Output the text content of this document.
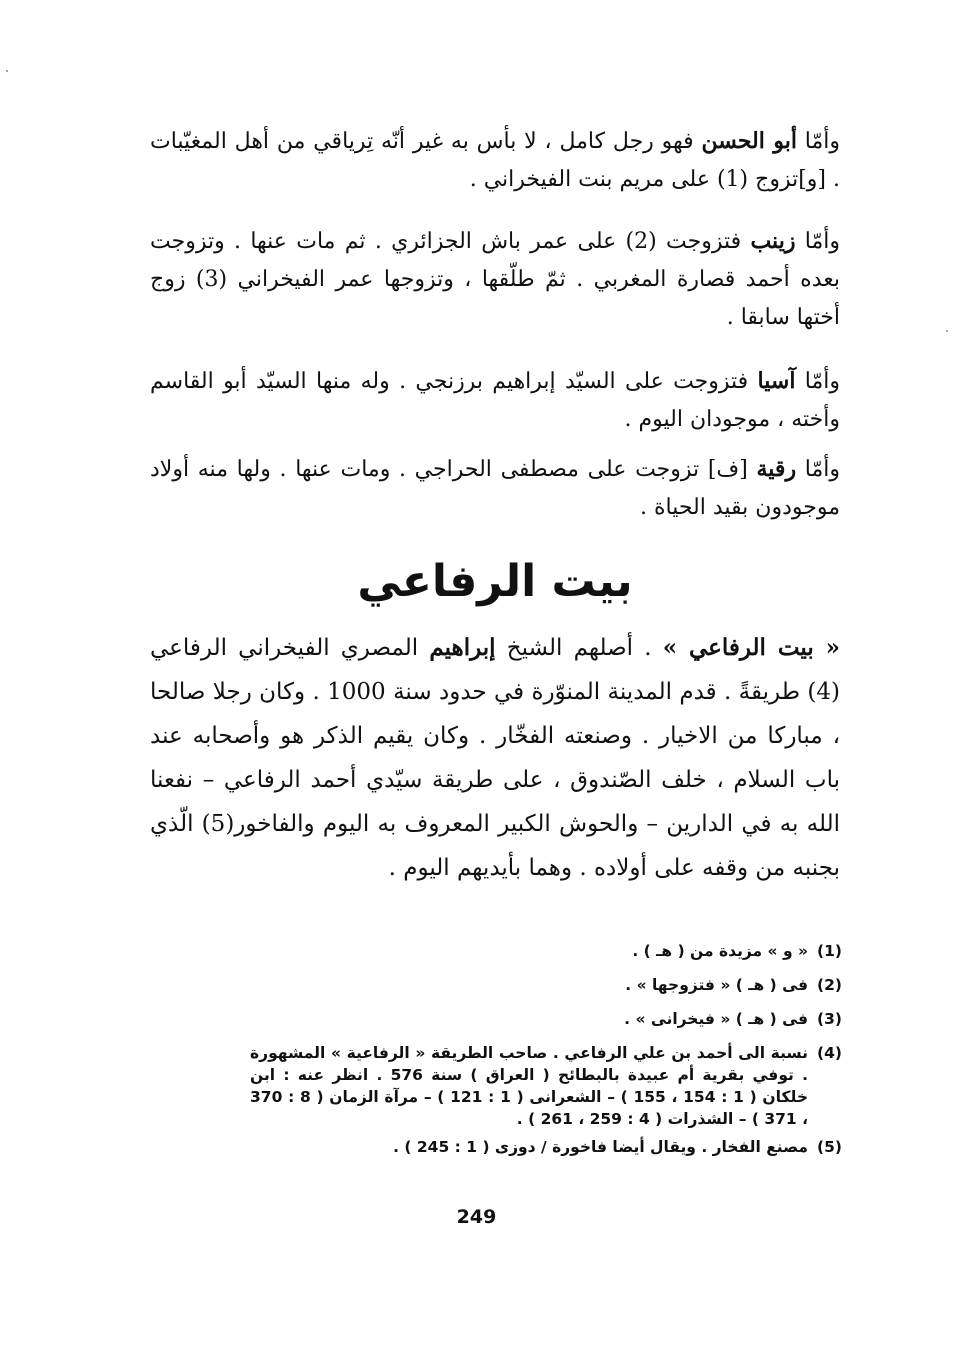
وأمّا أبو الحسن فهو رجل كامل ، لا بأس به غير أنّه تِرياقي من أهل المغيّبات . [و]تزوج (1) على مريم بنت الفيخراني .

وأمّا زينب فتزوجت (2) على عمر باش الجزائري . ثم مات عنها . وتزوجت بعده أحمد قصارة المغربي . ثمّ طلّقها ، وتزوجها عمر الفيخراني (3) زوج أختها سابقا .

وأمّا آسيا فتزوجت على السيّد إبراهيم برزنجي . وله منها السيّد أبو القاسم وأخته ، موجودان اليوم .

وأمّا رقية [ف] تزوجت على مصطفى الحراجي . ومات عنها . ولها منه أولاد موجودون بقيد الحياة .

بيت الرفاعي

« بيت الرفاعي » . أصلهم الشيخ إبراهيم المصري الفيخراني الرفاعي (4) طريقةً . قدم المدينة المنوّرة في حدود سنة 1000 . وكان رجلا صالحا ، مباركا من الاخيار . وصنعته الفخّار . وكان يقيم الذكر هو وأصحابه عند باب السلام ، خلف الصّندوق ، على طريقة سيّدي أحمد الرفاعي – نفعنا الله به في الدارين – والحوش الكبير المعروف به اليوم والفاخور(5) الّذي بجنبه من وقفه على أولاده . وهما بأيديهم اليوم .

(1)
« و » مزيدة من ( هـ ) .
(2)
فى ( هـ ) « فتزوجها » .
(3)
فى ( هـ ) « فيخرانى » .
(4)
نسبة الى أحمد بن علي الرفاعي . صاحب الطريقة « الرفاعية » المشهورة . توفي بقرية أم عبيدة بالبطائح ( العراق ) سنة 576 . انظر عنه : ابن خلكان ( 1 : 154 ، 155 ) – الشعرانى ( 1 : 121 ) – مرآة الزمان ( 8 : 370 ، 371 ) – الشذرات ( 4 : 259 ، 261 ) .
(5)
مصنع الفخار . ويقال أيضا فاخورة / دوزى ( 1 : 245 ) .
249
